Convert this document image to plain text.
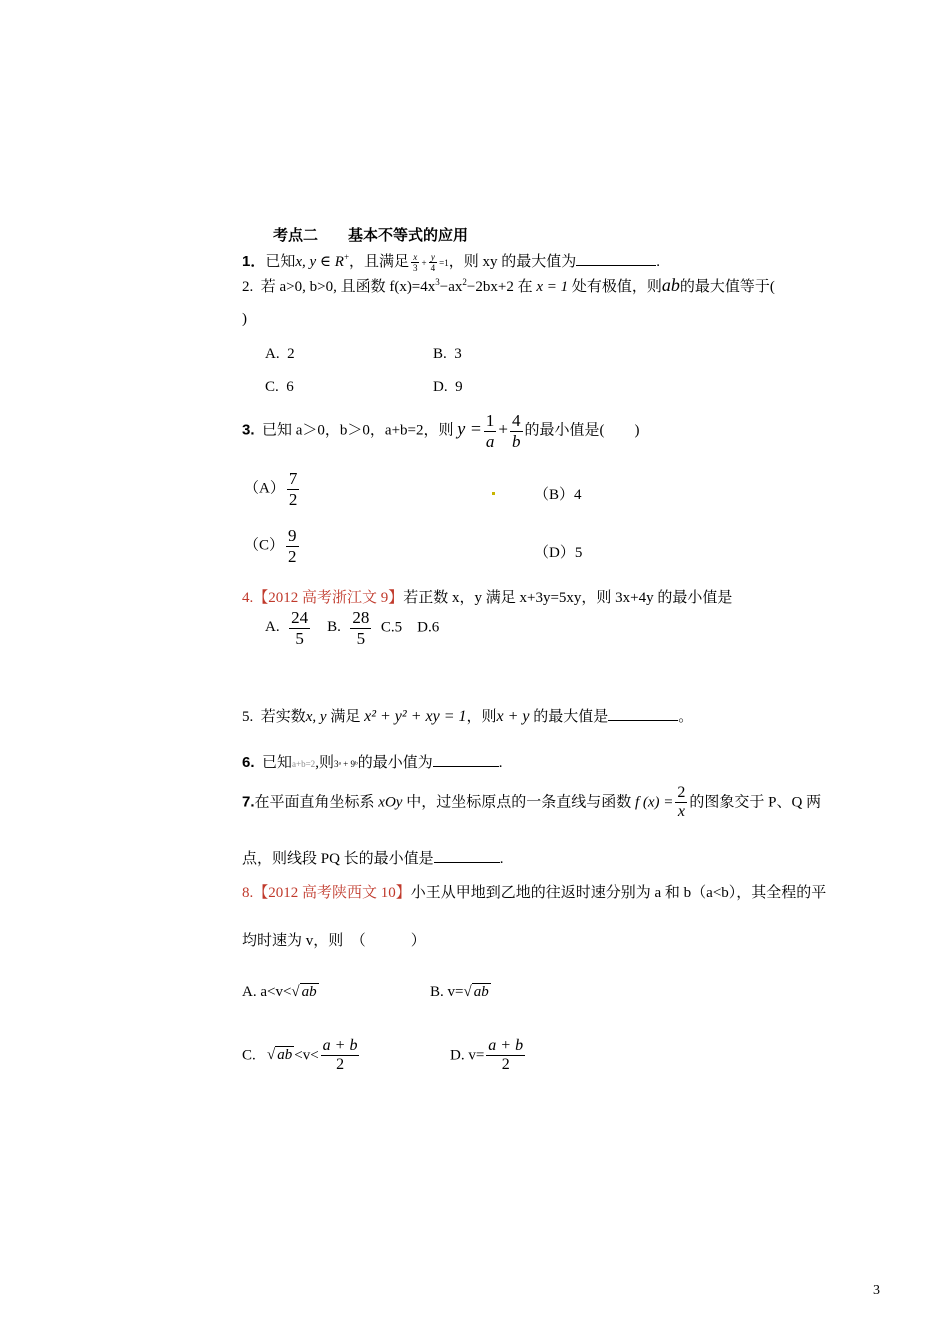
考点二　　基本不等式的应用
1．已知x, y ∈ R+，且满足 $\frac{x}{3} + \frac{y}{4} =1$，则 xy 的最大值为	.
2. 若 a>0, b>0, 且函数 $f(x)=4x^3-ax^2-2bx+2$ 在 x = 1 处有极值，则ab的最大值等于(
)
A. 2	B. 3
C. 6	D. 9
3. 已知 a＞0，b＞0，a+b=2，则 $y = \frac{1}{a} + \frac{4}{b}$ 的最小值是(　　)
$(A) \frac{7}{2}$	（B）4
$(C) \frac{9}{2}$	（D）5
4.【2012 高考浙江文 9】若正数 x，y 满足 x+3y=5xy，则 3x+4y 的最小值是
A. $\frac{24}{5} B$. $\frac{28}{5} C.5$ D.6
5. 若实数x, y 满足 x² + y² + xy = 1，则x + y 的最大值是	。
6. 已知a+b=2,则3ᵃ + 9ᵇ的最小值为	.
7.在平面直角坐标系 xOy 中，过坐标原点的一条直线与函数 f $(x) = \frac{2}{x}$ 的图象交于 P、Q 两
点，则线段 PQ 长的最小值是	.
8.【2012 高考陕西文 10】小王从甲地到乙地的往返时速分别为 a 和 b（a<b），其全程的平
均时速为 v，则　（　　　）
A. a<v<√ ab	B. v=√ ab
C. √ ab $<v< \frac{a + b}{2}$	D. $v= \frac{a + b}{2}$
3
